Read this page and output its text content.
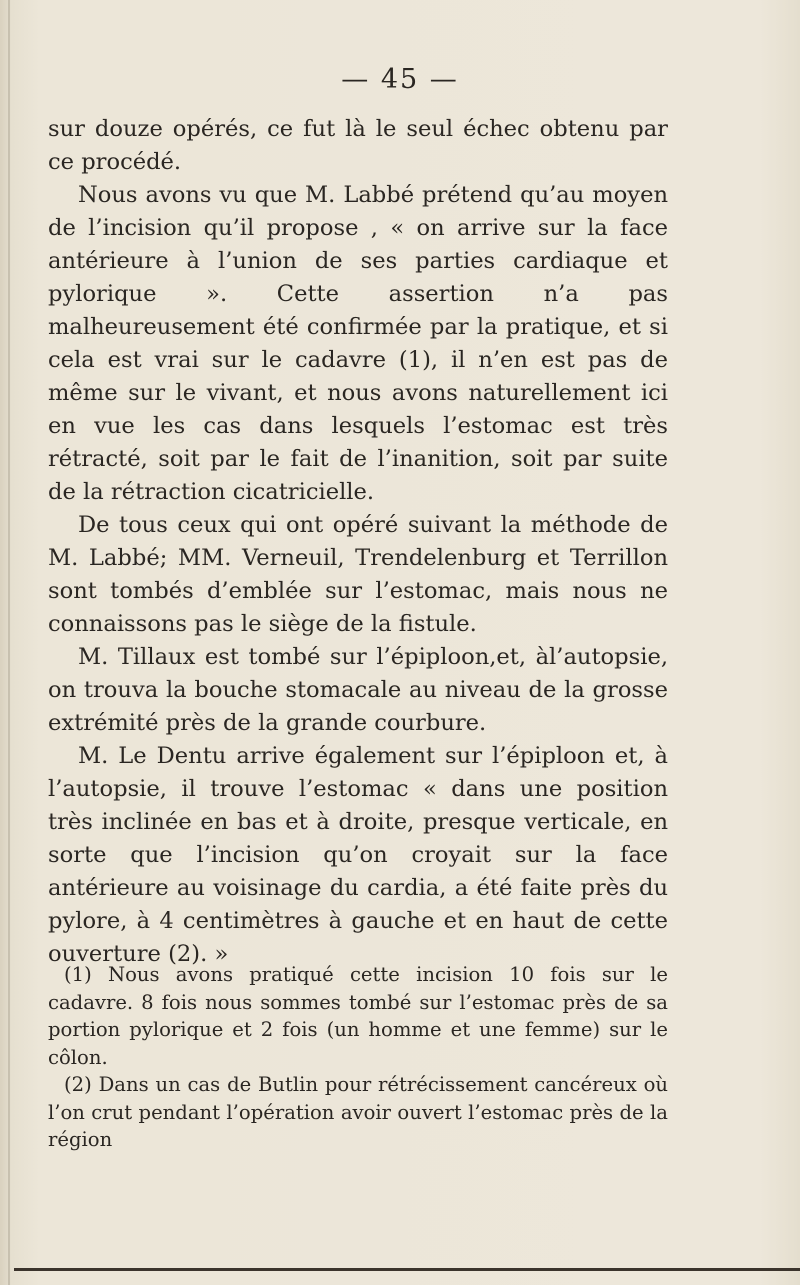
— 45 —

sur douze opérés, ce fut là le seul échec obtenu par ce procédé.

Nous avons vu que M. Labbé prétend qu’au moyen de l’incision qu’il propose , « on arrive sur la face antérieure à l’union de ses parties cardiaque et pylorique ». Cette assertion n’a pas malheureusement été confirmée par la pratique, et si cela est vrai sur le cadavre (1), il n’en est pas de même sur le vivant, et nous avons naturellement ici en vue les cas dans lesquels l’estomac est très rétracté, soit par le fait de l’inanition, soit par suite de la rétraction cicatricielle.

De tous ceux qui ont opéré suivant la méthode de M. Labbé; MM. Verneuil, Trendelenburg et Terrillon sont tombés d’emblée sur l’estomac, mais nous ne connaissons pas le siège de la fistule.

M. Tillaux est tombé sur l’épiploon,et, àl’autopsie, on trouva la bouche stomacale au niveau de la grosse extrémité près de la grande courbure.

M. Le Dentu arrive également sur l’épiploon et, à l’autopsie, il trouve l’estomac « dans une position très inclinée en bas et à droite, presque verticale, en sorte que l’incision qu’on croyait sur la face antérieure au voisinage du cardia, a été faite près du pylore, à 4 centimètres à gauche et en haut de cette ouverture (2). »

(1) Nous avons pratiqué cette incision 10 fois sur le cadavre. 8 fois nous sommes tombé sur l’estomac près de sa portion pylorique et 2 fois (un homme et une femme) sur le côlon.

(2) Dans un cas de Butlin pour rétrécissement cancéreux où l’on crut pendant l’opération avoir ouvert l’estomac près de la région
